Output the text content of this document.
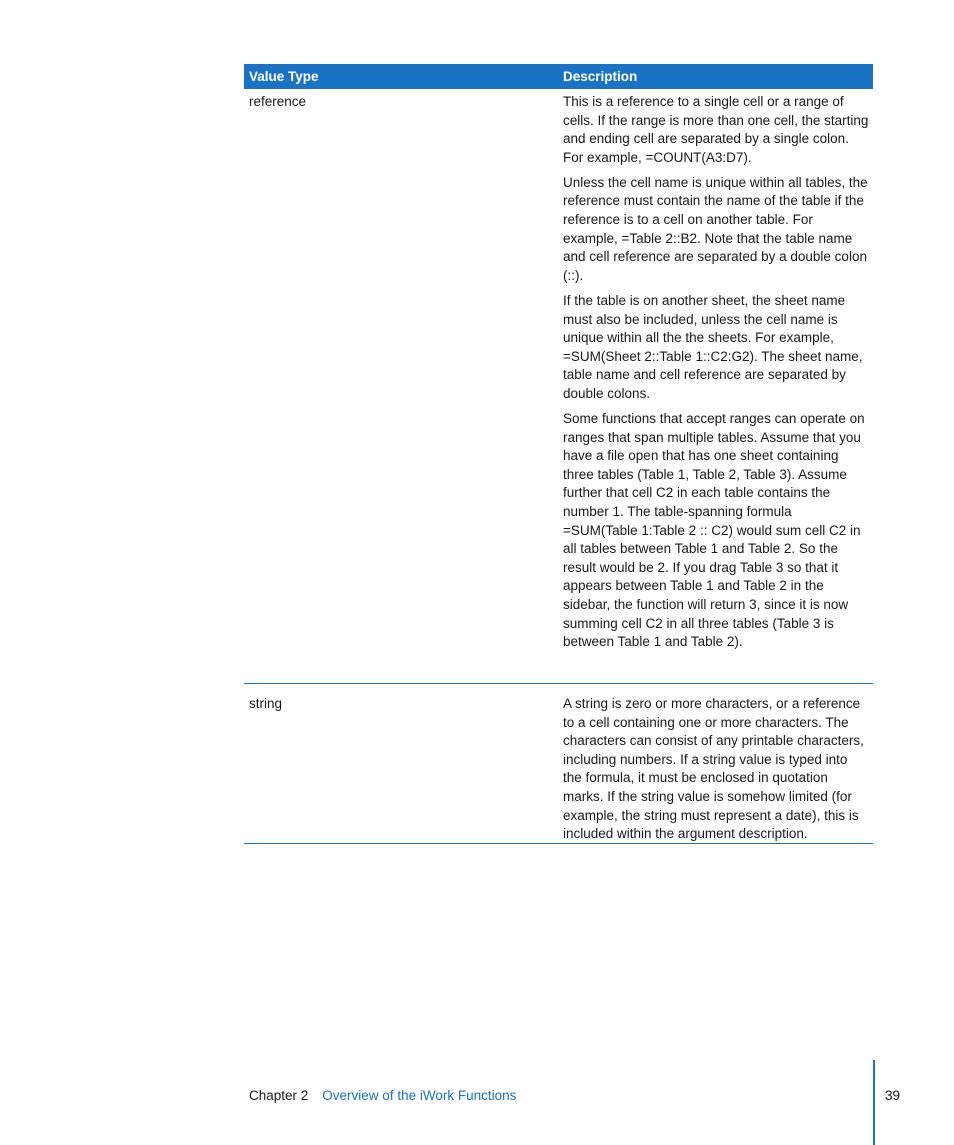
Value Type	Description
reference	This is a reference to a single cell or a range of cells. If the range is more than one cell, the starting and ending cell are separated by a single colon. For example, =COUNT(A3:D7).

Unless the cell name is unique within all tables, the reference must contain the name of the table if the reference is to a cell on another table. For example, =Table 2::B2. Note that the table name and cell reference are separated by a double colon (::).

If the table is on another sheet, the sheet name must also be included, unless the cell name is unique within all the the sheets. For example, =SUM(Sheet 2::Table 1::C2:G2). The sheet name, table name and cell reference are separated by double colons.

Some functions that accept ranges can operate on ranges that span multiple tables. Assume that you have a file open that has one sheet containing three tables (Table 1, Table 2, Table 3). Assume further that cell C2 in each table contains the number 1. The table-spanning formula =SUM(Table 1:Table 2 :: C2) would sum cell C2 in all tables between Table 1 and Table 2. So the result would be 2. If you drag Table 3 so that it appears between Table 1 and Table 2 in the sidebar, the function will return 3, since it is now summing cell C2 in all three tables (Table 3 is between Table 1 and Table 2).

string	A string is zero or more characters, or a reference to a cell containing one or more characters. The characters can consist of any printable characters, including numbers. If a string value is typed into the formula, it must be enclosed in quotation marks. If the string value is somehow limited (for example, the string must represent a date), this is included within the argument description.

Chapter 2 Overview of the iWork Functions	39
